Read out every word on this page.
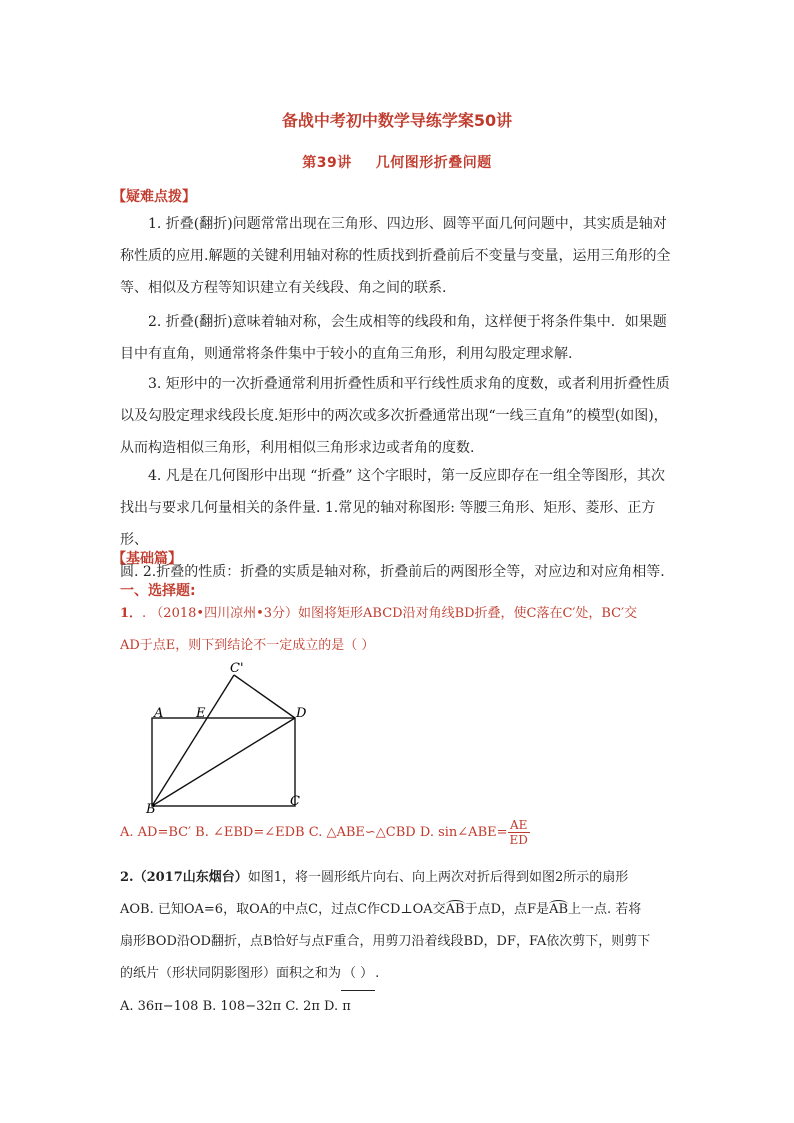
备战中考初中数学导练学案50讲
第39讲 几何图形折叠问题
【疑难点拨】
1. 折叠(翻折)问题常常出现在三角形、四边形、圆等平面几何问题中，其实质是轴对
称性质的应用.解题的关键利用轴对称的性质找到折叠前后不变量与变量，运用三角形的全
等、相似及方程等知识建立有关线段、角之间的联系.
2. 折叠(翻折)意味着轴对称，会生成相等的线段和角，这样便于将条件集中．如果题
目中有直角，则通常将条件集中于较小的直角三角形，利用勾股定理求解.
3. 矩形中的一次折叠通常利用折叠性质和平行线性质求角的度数，或者利用折叠性质
以及勾股定理求线段长度.矩形中的两次或多次折叠通常出现“一线三直角”的模型(如图)，
从而构造相似三角形，利用相似三角形求边或者角的度数.
4. 凡是在几何图形中出现 “折叠” 这个字眼时，第一反应即存在一组全等图形，其次
找出与要求几何量相关的条件量. 1.常见的轴对称图形: 等腰三角形、矩形、菱形、正方形、
圆. 2.折叠的性质：折叠的实质是轴对称，折叠前后的两图形全等，对应边和对应角相等.
【基础篇】
一、选择题:
1．. （2018•四川凉州•3分）如图将矩形ABCD沿对角线BD折叠，使C落在C′处，BC′交
AD于点E，则下到结论不一定成立的是（ ）
A	E
C'
D
B
C
A. AD=BC′ B. ∠EBD=∠EDB C. △ABE∽△CBD D. sin∠ABE= $\frac{AE}{ED}$
2.（2017山东烟台）如图1，将一圆形纸片向右、向上两次对折后得到如图2所示的扇形
AOB. 已知OA=6，取OA的中点C，过点C作CD⊥OA交AB于点D，点F是AB上一点. 若将
扇形BOD沿OD翻折，点B恰好与点F重合，用剪刀沿着线段BD，DF，FA依次剪下，则剪下
的纸片（形状同阴影图形）面积之和为 （ ） .
A. 36π−108 B. 108−32π C. 2π D. π
